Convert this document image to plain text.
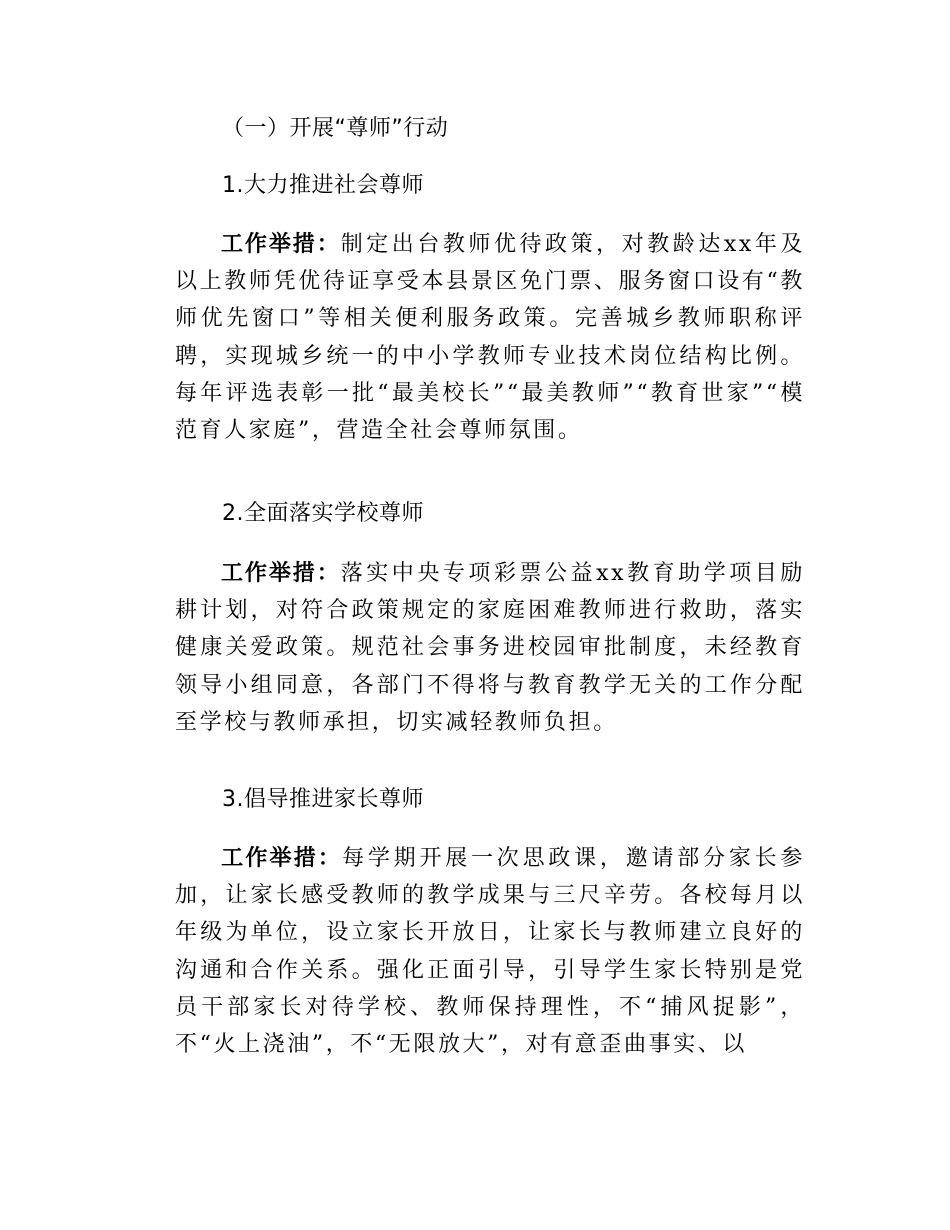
（一）开展“尊师”行动
1.大力推进社会尊师
工作举措：制定出台教师优待政策，对教龄达xx年及以上教师凭优待证享受本县景区免门票、服务窗口设有“教师优先窗口”等相关便利服务政策。完善城乡教师职称评聘，实现城乡统一的中小学教师专业技术岗位结构比例。每年评选表彰一批“最美校长”“最美教师”“教育世家”“模范育人家庭”，营造全社会尊师氛围。
2.全面落实学校尊师
工作举措：落实中央专项彩票公益xx教育助学项目励耕计划，对符合政策规定的家庭困难教师进行救助，落实健康关爱政策。规范社会事务进校园审批制度，未经教育领导小组同意，各部门不得将与教育教学无关的工作分配至学校与教师承担，切实减轻教师负担。
3.倡导推进家长尊师
工作举措：每学期开展一次思政课，邀请部分家长参加，让家长感受教师的教学成果与三尺辛劳。各校每月以年级为单位，设立家长开放日，让家长与教师建立良好的沟通和合作关系。强化正面引导，引导学生家长特别是党员干部家长对待学校、教师保持理性，不“捕风捉影”，不“火上浇油”，不“无限放大”，对有意歪曲事实、以
